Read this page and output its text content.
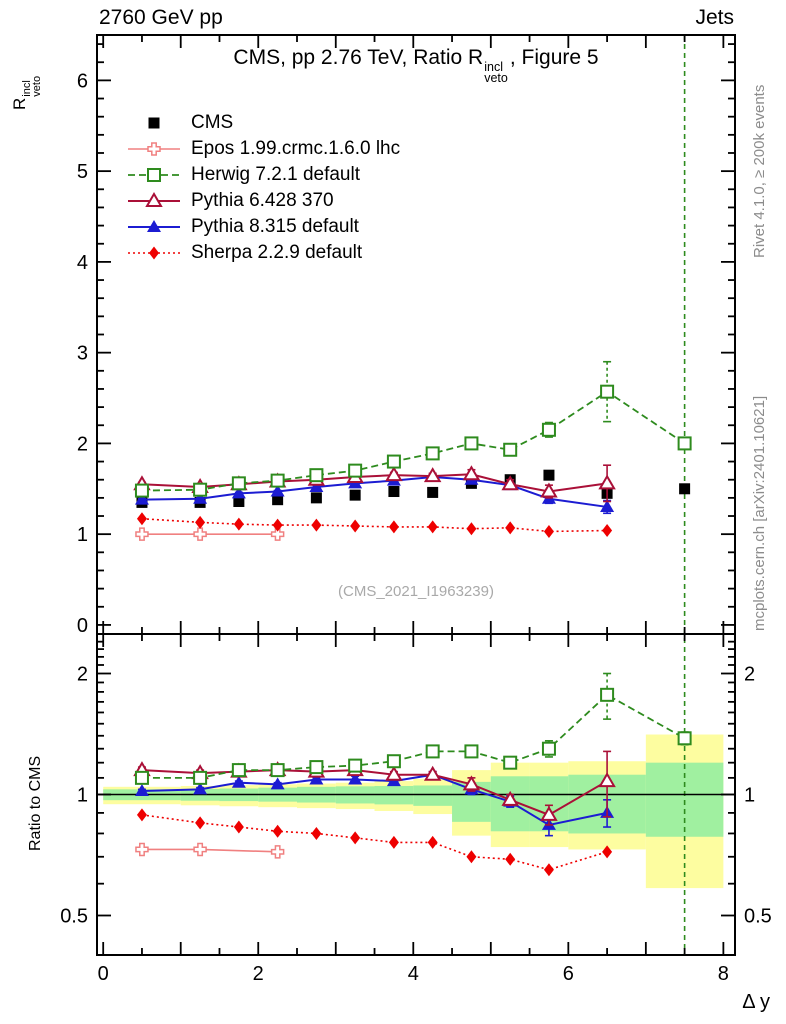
0
1
2
3
4
5
6
0.5	0.5
1	1
2	2
0	2	4	6	8
2760 GeV pp	Jets
CMS, pp 2.76 TeV, Ratio R incl
veto
, Figure 5
R
incl
veto
Ratio to CMS
Δ y
Rivet 4.1.0, ≥ 200k events
mcplots.cern.ch [arXiv:2401.10621]
(CMS_2021_I1963239)
CMS
Epos 1.99.crmc.1.6.0 lhc
Herwig 7.2.1 default
Pythia 6.428 370
Pythia 8.315 default
Sherpa 2.2.9 default
